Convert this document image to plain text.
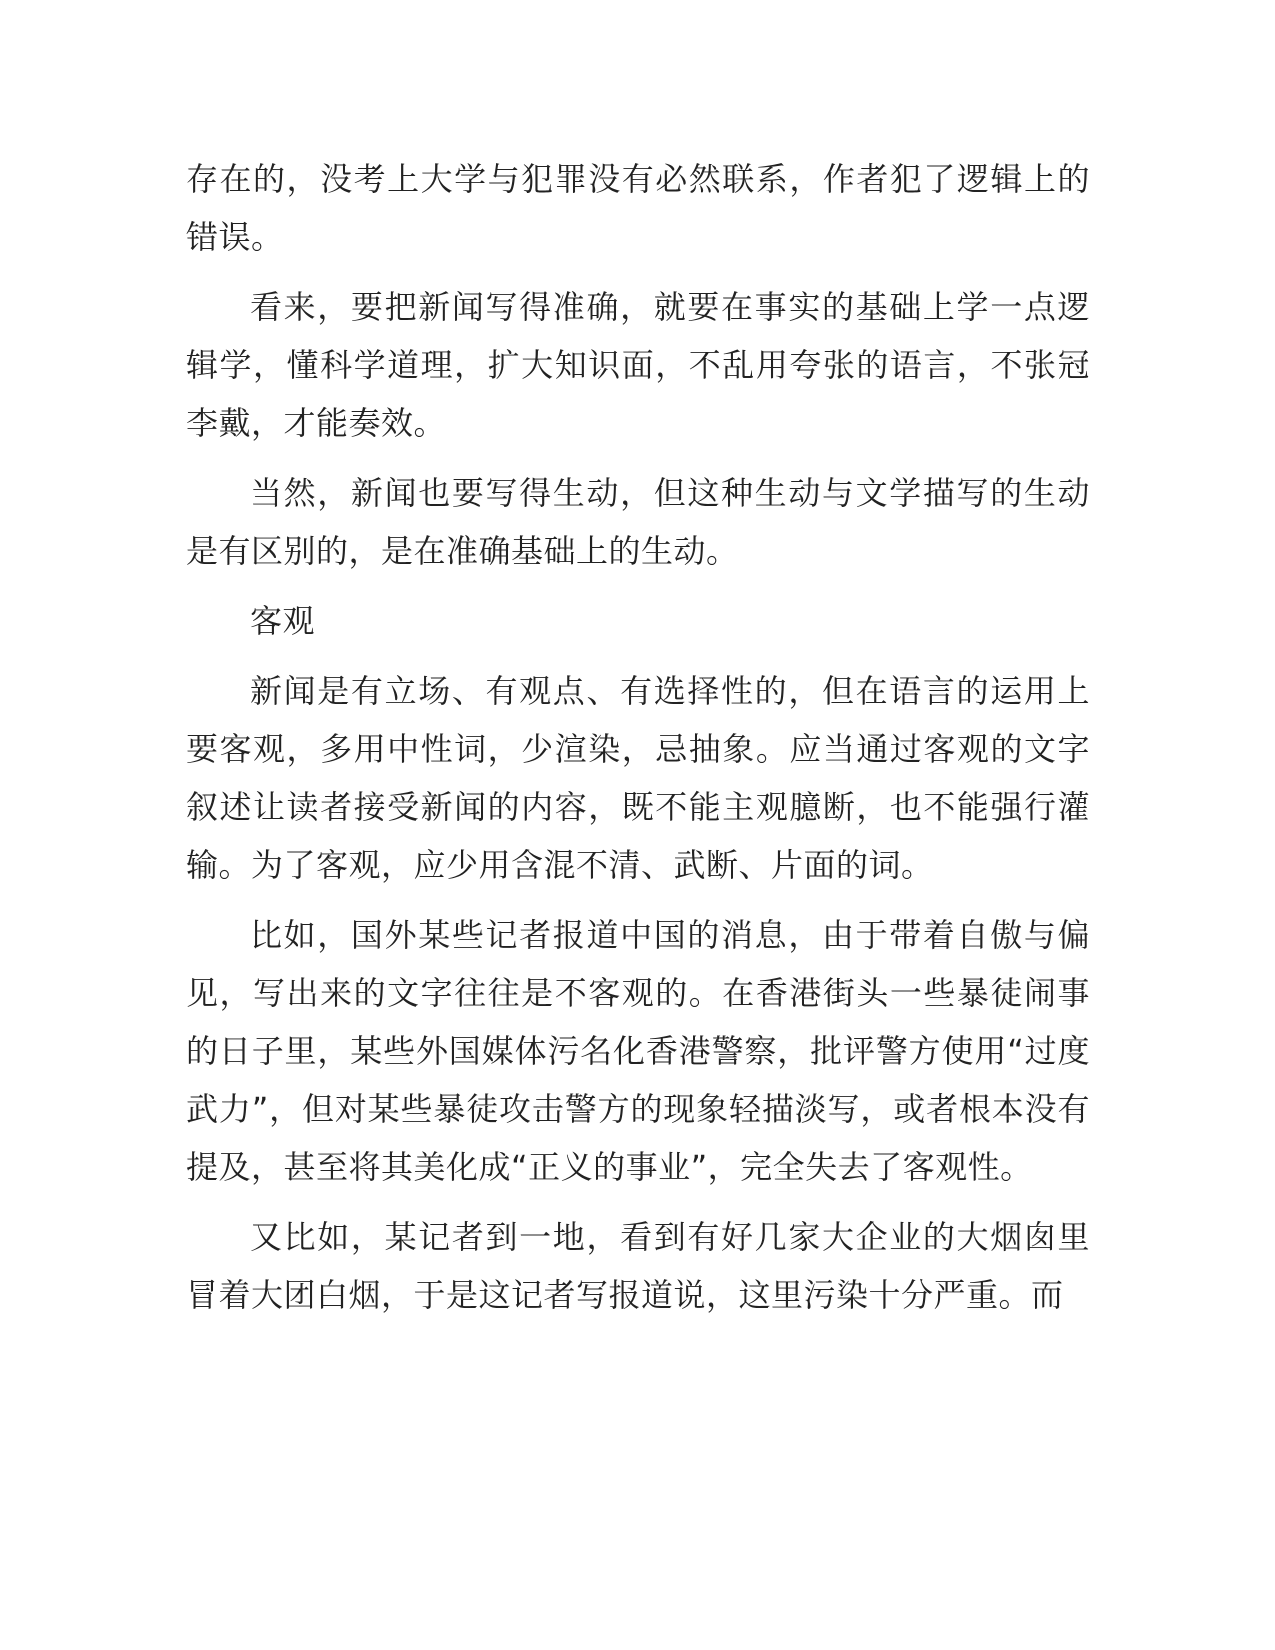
存在的，没考上大学与犯罪没有必然联系，作者犯了逻辑上的错误。

看来，要把新闻写得准确，就要在事实的基础上学一点逻辑学，懂科学道理，扩大知识面，不乱用夸张的语言，不张冠李戴，才能奏效。

当然，新闻也要写得生动，但这种生动与文学描写的生动是有区别的，是在准确基础上的生动。

客观

新闻是有立场、有观点、有选择性的，但在语言的运用上要客观，多用中性词，少渲染，忌抽象。应当通过客观的文字叙述让读者接受新闻的内容，既不能主观臆断，也不能强行灌输。为了客观，应少用含混不清、武断、片面的词。

比如，国外某些记者报道中国的消息，由于带着自傲与偏见，写出来的文字往往是不客观的。在香港街头一些暴徒闹事的日子里，某些外国媒体污名化香港警察，批评警方使用“过度武力”，但对某些暴徒攻击警方的现象轻描淡写，或者根本没有提及，甚至将其美化成“正义的事业”，完全失去了客观性。

又比如，某记者到一地，看到有好几家大企业的大烟囱里冒着大团白烟，于是这记者写报道说，这里污染十分严重。而
